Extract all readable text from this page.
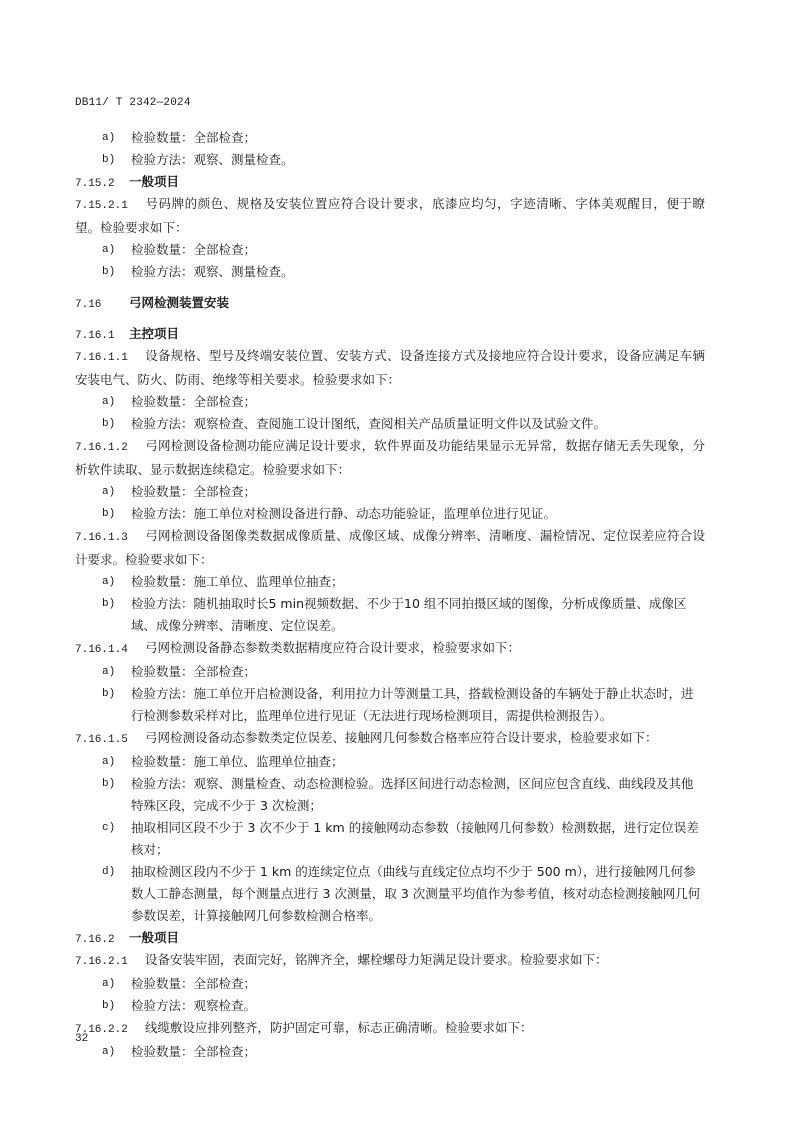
DB11/ T 2342—2024
a)	检验数量：全部检查；
b)	检验方法：观察、测量检查。
7.15.2 一般项目
7.15.2.1 号码牌的颜色、规格及安装位置应符合设计要求，底漆应均匀，字迹清晰、字体美观醒目，便于瞭望。检验要求如下：
a)	检验数量：全部检查；
b)	检验方法：观察、测量检查。
7.16 弓网检测装置安装
7.16.1 主控项目
7.16.1.1 设备规格、型号及终端安装位置、安装方式、设备连接方式及接地应符合设计要求，设备应满足车辆安装电气、防火、防雨、绝缘等相关要求。检验要求如下：
a)	检验数量：全部检查；
b)	检验方法：观察检查、查阅施工设计图纸，查阅相关产品质量证明文件以及试验文件。
7.16.1.2 弓网检测设备检测功能应满足设计要求，软件界面及功能结果显示无异常，数据存储无丢失现象，分析软件读取、显示数据连续稳定。检验要求如下：
a)	检验数量：全部检查；
b)	检验方法：施工单位对检测设备进行静、动态功能验证，监理单位进行见证。
7.16.1.3 弓网检测设备图像类数据成像质量、成像区域、成像分辨率、清晰度、漏检情况、定位误差应符合设计要求。检验要求如下：
a)	检验数量：施工单位、监理单位抽查；
b)	检验方法：随机抽取时长5 min视频数据、不少于10 组不同拍摄区域的图像，分析成像质量、成像区域、成像分辨率、清晰度、定位误差。
7.16.1.4 弓网检测设备静态参数类数据精度应符合设计要求，检验要求如下：
a)	检验数量：全部检查；
b)	检验方法：施工单位开启检测设备，利用拉力计等测量工具，搭载检测设备的车辆处于静止状态时，进行检测参数采样对比，监理单位进行见证（无法进行现场检测项目，需提供检测报告）。
7.16.1.5 弓网检测设备动态参数类定位误差、接触网几何参数合格率应符合设计要求，检验要求如下：
a)	检验数量：施工单位、监理单位抽查；
b)	检验方法：观察、测量检查、动态检测检验。选择区间进行动态检测，区间应包含直线、曲线段及其他特殊区段，完成不少于 3 次检测；
c)	抽取相同区段不少于 3 次不少于 1 km 的接触网动态参数（接触网几何参数）检测数据，进行定位误差核对；
d)	抽取检测区段内不少于 1 km 的连续定位点（曲线与直线定位点均不少于 500 m），进行接触网几何参数人工静态测量，每个测量点进行 3 次测量，取 3 次测量平均值作为参考值，核对动态检测接触网几何参数误差，计算接触网几何参数检测合格率。
7.16.2 一般项目
7.16.2.1 设备安装牢固，表面完好，铭牌齐全，螺栓螺母力矩满足设计要求。检验要求如下：
a)	检验数量：全部检查；
b)	检验方法：观察检查。
7.16.2.2 线缆敷设应排列整齐，防护固定可靠，标志正确清晰。检验要求如下：
a)	检验数量：全部检查；
32
